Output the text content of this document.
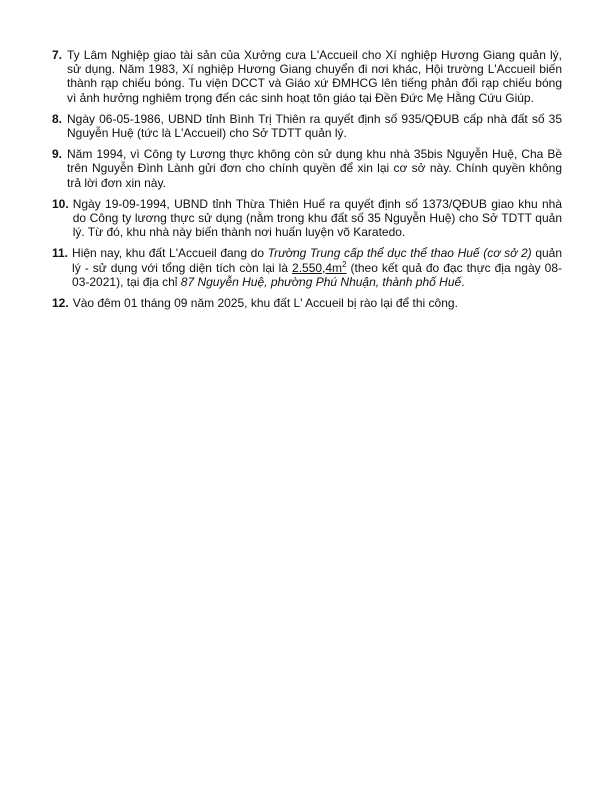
7. Ty Lâm Nghiệp giao tài sản của Xưởng cưa L'Accueil cho Xí nghiệp Hương Giang quản lý, sử dụng. Năm 1983, Xí nghiệp Hương Giang chuyển đi nơi khác, Hội trường L'Accueil biến thành rạp chiếu bóng. Tu viện DCCT và Giáo xứ ĐMHCG lên tiếng phản đối rạp chiếu bóng vì ảnh hưởng nghiêm trọng đến các sinh hoạt tôn giáo tại Đền Đức Mẹ Hằng Cứu Giúp.
8. Ngày 06-05-1986, UBND tỉnh Bình Trị Thiên ra quyết định số 935/QĐUB cấp nhà đất số 35 Nguyễn Huệ (tức là L'Accueil) cho Sở TDTT quản lý.
9. Năm 1994, vì Công ty Lương thực không còn sử dụng khu nhà 35bis Nguyễn Huệ, Cha Bề trên Nguyễn Đình Lành gửi đơn cho chính quyền để xin lại cơ sở này. Chính quyền không trả lời đơn xin này.
10. Ngày 19-09-1994, UBND tỉnh Thừa Thiên Huế ra quyết định số 1373/QĐUB giao khu nhà do Công ty lương thực sử dụng (nằm trong khu đất số 35 Nguyễn Huệ) cho Sở TDTT quản lý. Từ đó, khu nhà này biến thành nơi huấn luyện võ Karatedo.
11. Hiện nay, khu đất L'Accueil đang do Trường Trung cấp thể dục thể thao Huế (cơ sở 2) quản lý - sử dụng với tổng diện tích còn lại là $2.550,4m^2$ (theo kết quả đo đạc thực địa ngày 08-03-2021), tại địa chỉ 87 Nguyễn Huệ, phường Phú Nhuận, thành phố Huế.
12. Vào đêm 01 tháng 09 năm 2025, khu đất L' Accueil bị rào lại để thi công.
